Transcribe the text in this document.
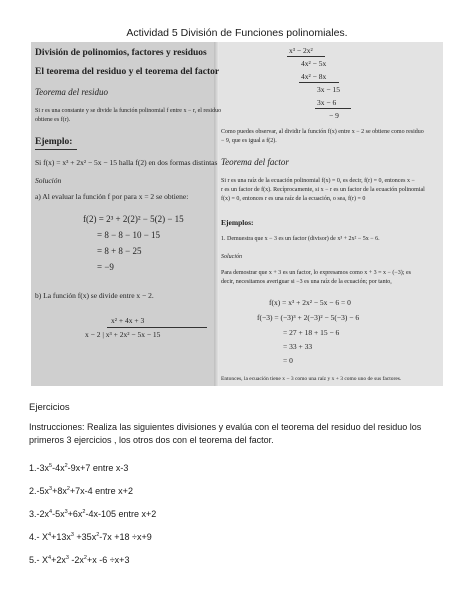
Actividad 5 División de Funciones polinomiales.
División de polinomios, factores y residuos
El teorema del residuo y el teorema del factor
Teorema del residuo
Si r es una constante y se divide la función polinomial f entre x − r, el residuo
obtiene es f(r).
Ejemplo:
Si f(x) = x³ + 2x² − 5x − 15 halla f(2) en dos formas distintas
Solución
a) Al evaluar la función f por para x = 2 se obtiene:
f(2) = 2³ + 2(2)² − 5(2) − 15
= 8 − 8 − 10 − 15
= 8 + 8 − 25
= −9
b) La función f(x) se divide entre x − 2.
x² + 4x + 3
x − 2 | x³ + 2x² − 5x − 15
x³ − 2x²
4x² − 5x
4x² − 8x
3x − 15
3x − 6
− 9
Como puedes observar, al dividir la función f(x) entre x − 2 se obtiene como residuo
− 9, que es igual a f(2).
Teorema del factor
Si r es una raíz de la ecuación polinomial f(x) = 0, es decir, f(r) = 0, entonces x −
r es un factor de f(x). Recíprocamente, si x − r es un factor de la ecuación polinomial
f(x) = 0, entonces r es una raíz de la ecuación, o sea, f(r) = 0
Ejemplos:
1. Demuestra que x − 3 es un factor (divisor) de x³ + 2x² − 5x − 6.
Solución
Para demostrar que x + 3 es un factor, lo expresamos como x + 3 = x − (−3); es
decir, necesitamos averiguar si −3 es una raíz de la ecuación; por tanto,
f(x) = x³ + 2x² − 5x − 6 = 0
f(−3) = (−3)³ + 2(−3)² − 5(−3) − 6
= 27 + 18 + 15 − 6
= 33 + 33
= 0
Entonces, la ecuación tiene x − 3 como una raíz y x + 3 como uno de sus factores.
Ejercicios
Instrucciones: Realiza las siguientes divisiones y evalúa con el teorema del residuo del residuo los primeros 3 ejercicios , los otros dos con el teorema del factor.
$1.-3x^5-4x^2-9x+7$ entre x-3
$2.-5x^3+8x^2+7x-4$ entre x+2
$3.-2x^4-5x^3+6x^2-4x-105$ entre x+2
4.- $X^4+13x^3 +35x^2-7x +18 \div x+9$
5.- $X^4+2x^3$ $-2x^2+x$ -6 ÷x+3
